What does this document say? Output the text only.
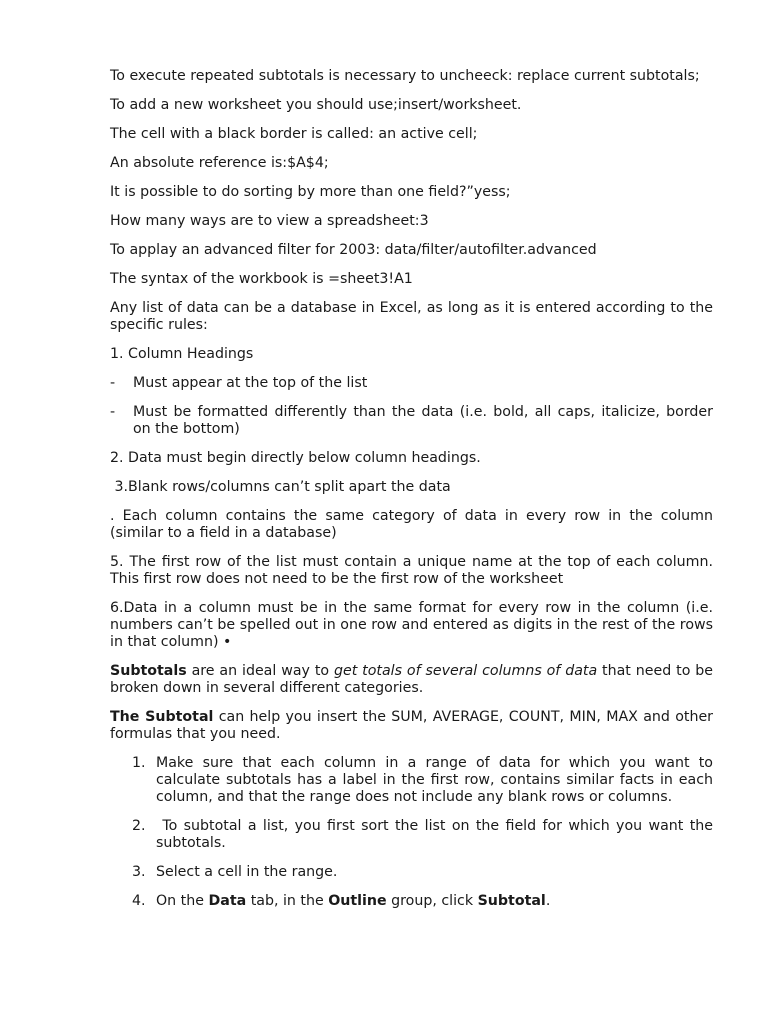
To execute repeated subtotals is necessary to uncheeck: replace current subtotals;

To add a new worksheet you should use;insert/worksheet.

The cell with a black border is called: an active cell;

An absolute reference is:$A$4;

It is possible to do sorting by more than one field?”yess;

How many ways are to view a spreadsheet:3

To applay an advanced filter for 2003: data/filter/autofilter.advanced

The syntax of the workbook is =sheet3!A1

Any list of data can be a database in Excel, as long as it is entered according to the specific rules:

1. Column Headings

- Must appear at the top of the list
- Must be formatted differently than the data (i.e. bold, all caps, italicize, border on the bottom)

2. Data must begin directly below column headings.

3.Blank rows/columns can’t split apart the data

. Each column contains the same category of data in every row in the column (similar to a field in a database)

5. The first row of the list must contain a unique name at the top of each column. This first row does not need to be the first row of the worksheet

6.Data in a column must be in the same format for every row in the column (i.e. numbers can’t be spelled out in one row and entered as digits in the rest of the rows in that column) •

Subtotals are an ideal way to get totals of several columns of data that need to be broken down in several different categories.

The Subtotal can help you insert the SUM, AVERAGE, COUNT, MIN, MAX and other formulas that you need.

1. Make sure that each column in a range of data for which you want to calculate subtotals has a label in the first row, contains similar facts in each column, and that the range does not include any blank rows or columns.
2. To subtotal a list, you first sort the list on the field for which you want the subtotals.
3. Select a cell in the range.
4. On the Data tab, in the Outline group, click Subtotal.
